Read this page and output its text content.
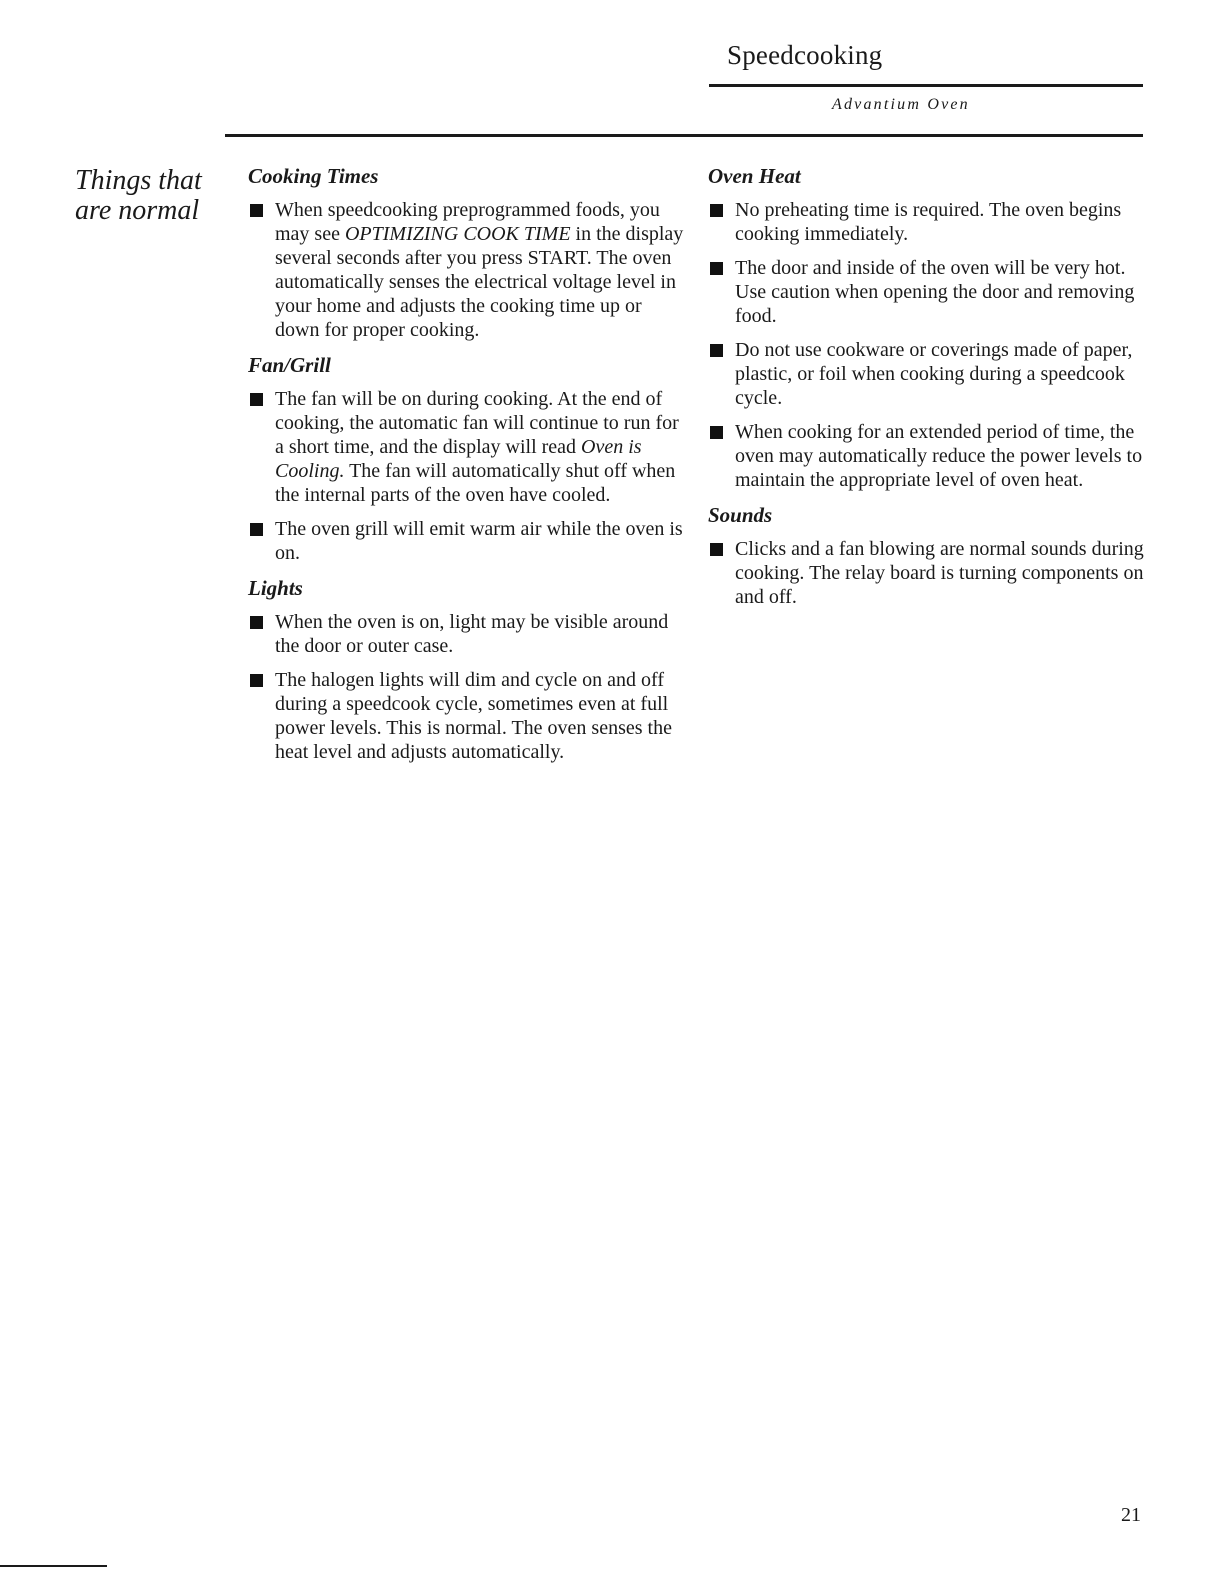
Speedcooking
Advantium Oven
Things that
are normal
Cooking Times
When speedcooking preprogrammed foods, you may see OPTIMIZING COOK TIME in the display several seconds after you press START. The oven automatically senses the electrical voltage level in your home and adjusts the cooking time up or down for proper cooking.
Fan/Grill
The fan will be on during cooking. At the end of cooking, the automatic fan will continue to run for a short time, and the display will read Oven is Cooling. The fan will automatically shut off when the internal parts of the oven have cooled.
The oven grill will emit warm air while the oven is on.
Lights
When the oven is on, light may be visible around the door or outer case.
The halogen lights will dim and cycle on and off during a speedcook cycle, sometimes even at full power levels. This is normal. The oven senses the heat level and adjusts automatically.
Oven Heat
No preheating time is required. The oven begins cooking immediately.
The door and inside of the oven will be very hot. Use caution when opening the door and removing food.
Do not use cookware or coverings made of paper, plastic, or foil when cooking during a speedcook cycle.
When cooking for an extended period of time, the oven may automatically reduce the power levels to maintain the appropriate level of oven heat.
Sounds
Clicks and a fan blowing are normal sounds during cooking. The relay board is turning components on and off.
21
